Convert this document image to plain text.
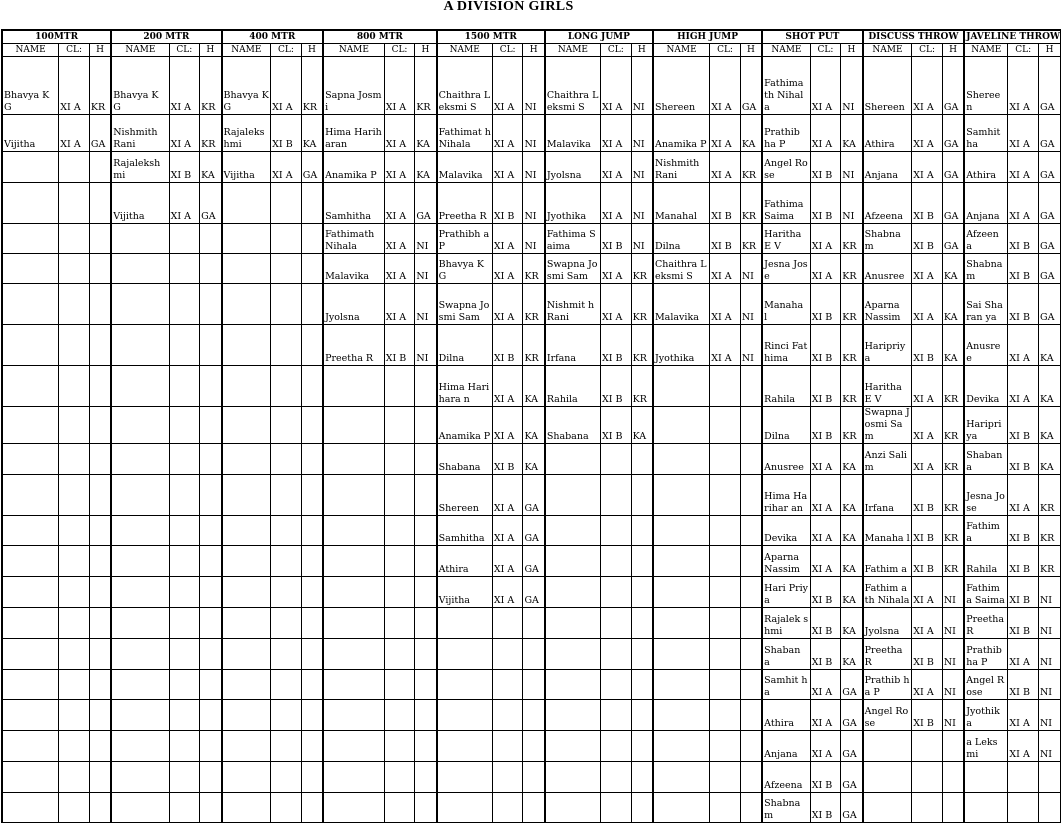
A DIVISION GIRLS
100MTR			200 MTR			400 MTR			800 MTR			1500 MTR			LONG JUMP			HIGH JUMP			SHOT PUT			DISCUSS THROW			JAVELINE THROW		
NAME	CL:	H	NAME	CL:	H	NAME	CL:	H	NAME	CL:	H	NAME	CL:	H	NAME	CL:	H	NAME	CL:	H	NAME	CL:	H	NAME	CL:	H	NAME	CL:	H
Bhavya K G	XI A	KR	Bhavya K G	XI A	KR	Bhavya K G	XI A	KR	Sapna Josmi	XI A	KR	Chaithra Leksmi S	XI A	NI	Chaithra Leksmi S	XI A	NI	Shereen	XI A	GA	Fathima th Nihala	XI A	NI	Shereen	XI A	GA	Sheree n	XI A	GA
Vijitha	XI A	GA	Nishmith Rani	XI A	KR	Rajaleks hmi	XI B	KA	Hima Hariharan	XI A	KA	Fathimat h Nihala	XI A	NI	Malavika	XI A	NI	Anamika P	XI A	KA	Prathib ha P	XI A	KA	Athira	XI A	GA	Samhit ha	XI A	GA
			Rajaleksh mi	XI B	KA	Vijitha	XI A	GA	Anamika P	XI A	KA	Malavika	XI A	NI	Jyolsna	XI A	NI	Nishmith Rani	XI A	KR	Angel Rose	XI B	NI	Anjana	XI A	GA	Athira	XI A	GA
			Vijitha	XI A	GA				Samhitha	XI A	GA	Preetha R	XI B	NI	Jyothika	XI A	NI	Manahal	XI B	KR	Fathima Saima	XI B	NI	Afzeena	XI B	GA	Anjana	XI A	GA
									Fathimath Nihala	XI A	NI	Prathibh a P	XI A	NI	Fathima Saima	XI B	NI	Dilna	XI B	KR	Haritha E V	XI A	KR	Shabna m	XI B	GA	Afzeen a	XI B	GA
									Malavika	XI A	NI	Bhavya K G	XI A	KR	Swapna Josmi Sam	XI A	KR	Chaithra Leksmi S	XI A	NI	Jesna Jose	XI A	KR	Anusree	XI A	KA	Shabna m	XI B	GA
									Jyolsna	XI A	NI	Swapna Josmi Sam	XI A	KR	Nishmit h Rani	XI A	KR	Malavika	XI A	NI	Manaha l	XI B	KR	Aparna Nassim	XI A	KA	Sai Sharan ya	XI B	GA
									Preetha R	XI B	NI	Dilna	XI B	KR	Irfana	XI B	KR	Jyothika	XI A	NI	Rinci Fathima	XI B	KR	Haripriy a	XI B	KA	Anusre e	XI A	KA
												Hima Harihara n	XI A	KA	Rahila	XI B	KR				Rahila	XI B	KR	Haritha E V	XI A	KR	Devika	XI A	KA
												Anamika P	XI A	KA	Shabana	XI B	KA				Dilna	XI B	KR	Swapna Josmi Sam	XI A	KR	Haripri ya	XI B	KA
												Shabana	XI B	KA							Anusree	XI A	KA	Anzi Salim	XI A	KR	Shaban a	XI B	KA
												Shereen	XI A	GA							Hima Harihar an	XI A	KA	Irfana	XI B	KR	Jesna Jose	XI A	KR
												Samhitha	XI A	GA							Devika	XI A	KA	Manaha l	XI B	KR	Fathim a	XI B	KR
												Athira	XI A	GA							Aparna Nassim	XI A	KA	Fathim a	XI B	KR	Rahila	XI B	KR
												Vijitha	XI A	GA							Hari Priya	XI B	KA	Fathim ath Nihala	XI A	NI	Fathim a Saima	XI B	NI
																					Rajalek shmi	XI B	KA	Jyolsna	XI A	NI	Preetha R	XI B	NI
																					Shaban a	XI B	KA	Preetha R	XI B	NI	Prathib ha P	XI A	NI
																					Samhit ha	XI A	GA	Prathib ha P	XI A	NI	Angel Rose	XI B	NI
																					Athira	XI A	GA	Angel Rose	XI B	NI	Jyothik a	XI A	NI
																					Anjana	XI A	GA				a Leksmi	XI A	NI
																					Afzeena	XI B	GA						
																					Shabna m	XI B	GA						
